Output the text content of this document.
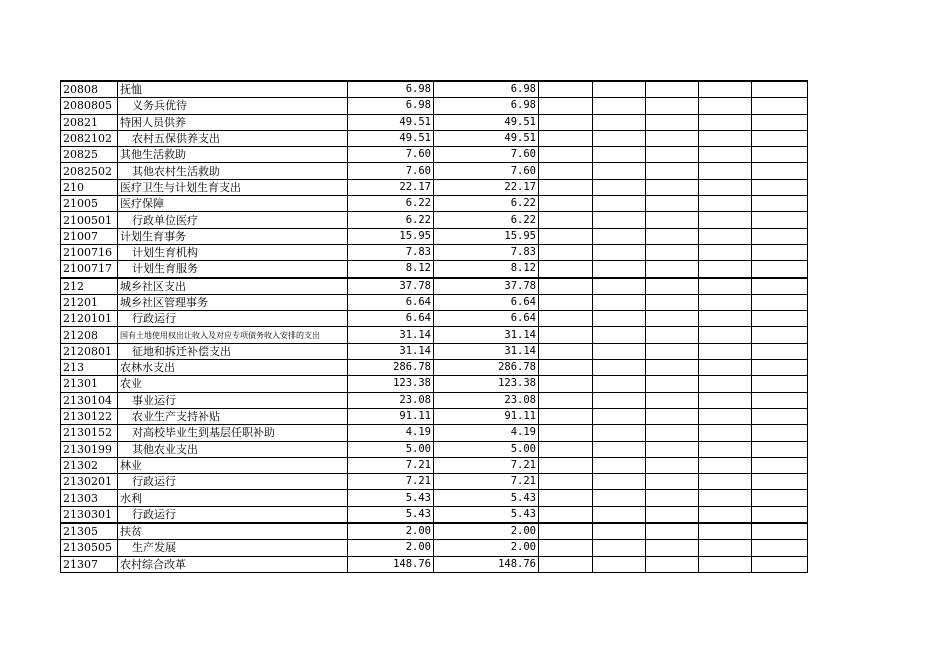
20808	抚恤	6.98	6.98					
2080805	义务兵优待	6.98	6.98					
20821	特困人员供养	49.51	49.51					
2082102	农村五保供养支出	49.51	49.51					
20825	其他生活救助	7.60	7.60					
2082502	其他农村生活救助	7.60	7.60					
210	医疗卫生与计划生育支出	22.17	22.17					
21005	医疗保障	6.22	6.22					
2100501	行政单位医疗	6.22	6.22					
21007	计划生育事务	15.95	15.95					
2100716	计划生育机构	7.83	7.83					
2100717	计划生育服务	8.12	8.12					
212	城乡社区支出	37.78	37.78					
21201	城乡社区管理事务	6.64	6.64					
2120101	行政运行	6.64	6.64					
21208	国有土地使用权出让收入及对应专项债务收入安排的支出	31.14	31.14					
2120801	征地和拆迁补偿支出	31.14	31.14					
213	农林水支出	286.78	286.78					
21301	农业	123.38	123.38					
2130104	事业运行	23.08	23.08					
2130122	农业生产支持补贴	91.11	91.11					
2130152	对高校毕业生到基层任职补助	4.19	4.19					
2130199	其他农业支出	5.00	5.00					
21302	林业	7.21	7.21					
2130201	行政运行	7.21	7.21					
21303	水利	5.43	5.43					
2130301	行政运行	5.43	5.43					
21305	扶贫	2.00	2.00					
2130505	生产发展	2.00	2.00					
21307	农村综合改革	148.76	148.76					
